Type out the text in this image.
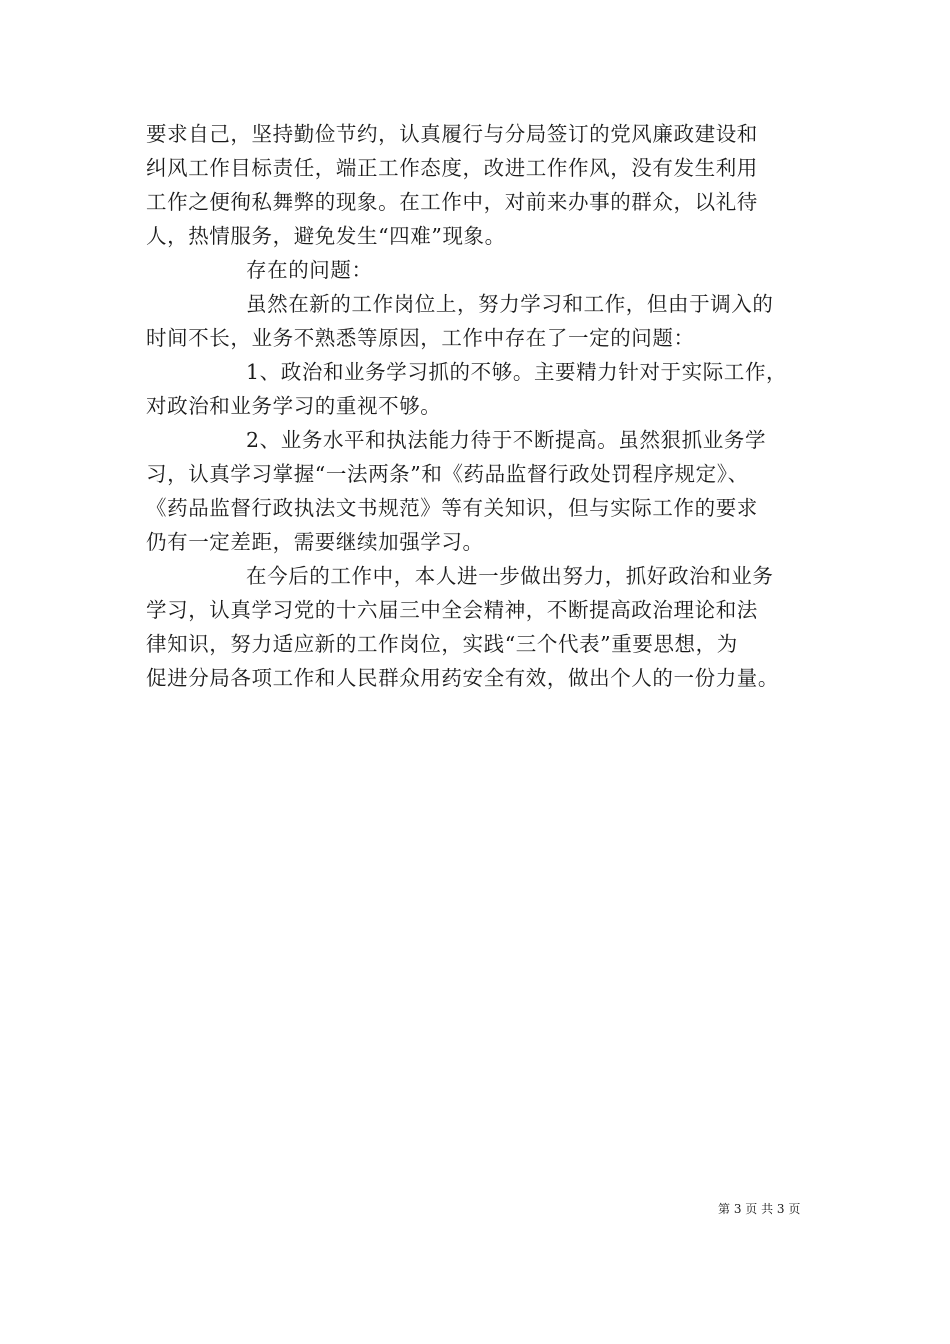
要求自己，坚持勤俭节约，认真履行与分局签订的党风廉政建设和
纠风工作目标责任，端正工作态度，改进工作作风，没有发生利用
工作之便徇私舞弊的现象。在工作中，对前来办事的群众，以礼待
人，热情服务，避免发生“四难”现象。
存在的问题：
虽然在新的工作岗位上，努力学习和工作，但由于调入的
时间不长，业务不熟悉等原因，工作中存在了一定的问题：
1、政治和业务学习抓的不够。主要精力针对于实际工作，
对政治和业务学习的重视不够。
2、业务水平和执法能力待于不断提高。虽然狠抓业务学
习，认真学习掌握“一法两条”和《药品监督行政处罚程序规定》、
《药品监督行政执法文书规范》等有关知识，但与实际工作的要求
仍有一定差距，需要继续加强学习。
在今后的工作中，本人进一步做出努力，抓好政治和业务
学习，认真学习党的十六届三中全会精神，不断提高政治理论和法
律知识，努力适应新的工作岗位，实践“三个代表”重要思想，为
促进分局各项工作和人民群众用药安全有效，做出个人的一份力量。
第 3 页 共 3 页
